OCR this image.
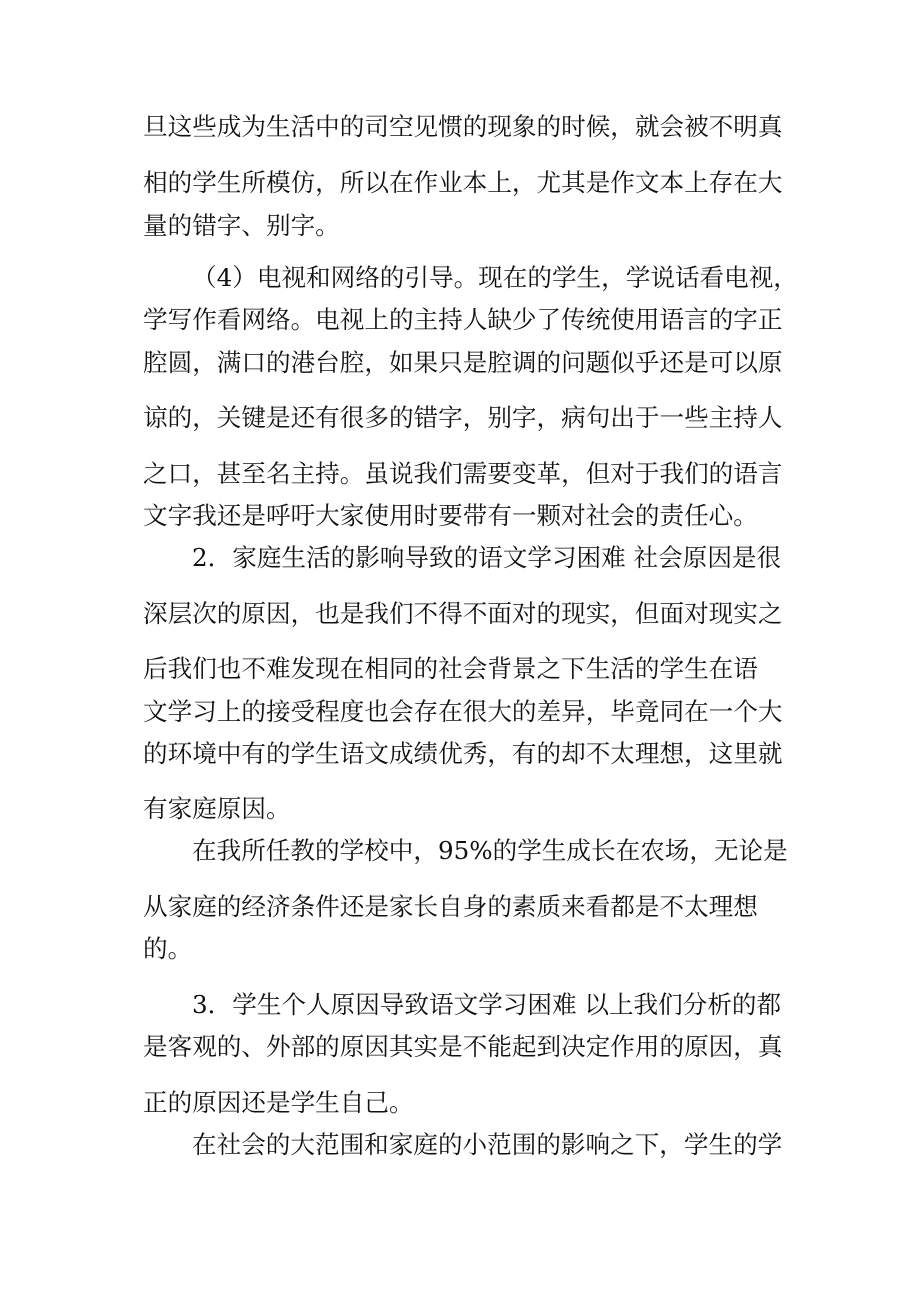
旦这些成为生活中的司空见惯的现象的时候，就会被不明真
相的学生所模仿，所以在作业本上，尤其是作文本上存在大
量的错字、别字。
（4）电视和网络的引导。现在的学生，学说话看电视，
学写作看网络。电视上的主持人缺少了传统使用语言的字正
腔圆，满口的港台腔，如果只是腔调的问题似乎还是可以原
谅的，关键是还有很多的错字，别字，病句出于一些主持人
之口，甚至名主持。虽说我们需要变革，但对于我们的语言
文字我还是呼吁大家使用时要带有一颗对社会的责任心。
2．家庭生活的影响导致的语文学习困难 社会原因是很
深层次的原因，也是我们不得不面对的现实，但面对现实之
后我们也不难发现在相同的社会背景之下生活的学生在语
文学习上的接受程度也会存在很大的差异，毕竟同在一个大
的环境中有的学生语文成绩优秀，有的却不太理想，这里就
有家庭原因。
在我所任教的学校中，95%的学生成长在农场，无论是
从家庭的经济条件还是家长自身的素质来看都是不太理想
的。
3．学生个人原因导致语文学习困难 以上我们分析的都
是客观的、外部的原因其实是不能起到决定作用的原因，真
正的原因还是学生自己。
在社会的大范围和家庭的小范围的影响之下，学生的学
